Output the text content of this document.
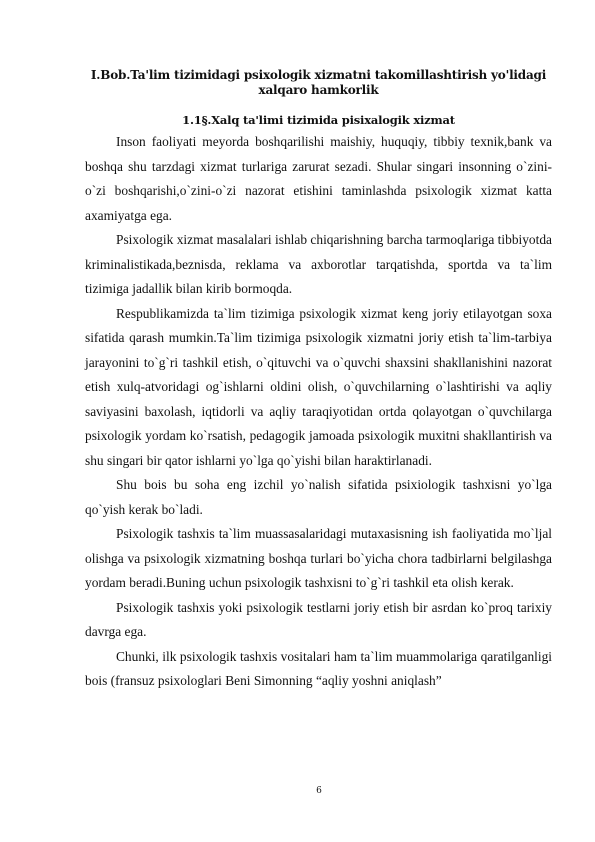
I.Bob.Ta'lim tizimidagi psixologik xizmatni takomillashtirish yo'lidagi xalqaro hamkorlik
1.1§.Xalq ta'limi tizimida pisixalogik xizmat

Inson faoliyati meyorda boshqarilishi maishiy, huquqiy, tibbiy texnik,bank va boshqa shu tarzdagi xizmat turlariga zarurat sezadi. Shular singari insonning o`zini-o`zi boshqarishi,o`zini-o`zi nazorat etishini taminlashda psixologik xizmat katta axamiyatga ega.

Psixologik xizmat masalalari ishlab chiqarishning barcha tarmoqlariga tibbiyotda kriminalistikada,beznisda, reklama va axborotlar tarqatishda, sportda va ta`lim tizimiga jadallik bilan kirib bormoqda.

Respublikamizda ta`lim tizimiga psixologik xizmat keng joriy etilayotgan soxa sifatida qarash mumkin.Ta`lim tizimiga psixologik xizmatni joriy etish ta`lim-tarbiya jarayonini to`g`ri tashkil etish, o`qituvchi va o`quvchi shaxsini shakllanishini nazorat etish xulq-atvoridagi og`ishlarni oldini olish, o`quvchilarning o`lashtirishi va aqliy saviyasini baxolash, iqtidorli va aqliy taraqiyotidan ortda qolayotgan o`quvchilarga psixologik yordam ko`rsatish, pedagogik jamoada psixologik muxitni shakllantirish va shu singari bir qator ishlarni yo`lga qo`yishi bilan haraktirlanadi.

Shu bois bu soha eng izchil yo`nalish sifatida psixiologik tashxisni yo`lga qo`yish kerak bo`ladi.

Psixologik tashxis ta`lim muassasalaridagi mutaxasisning ish faoliyatida mo`ljal olishga va psixologik xizmatning boshqa turlari bo`yicha chora tadbirlarni belgilashga yordam beradi.Buning uchun psixologik tashxisni to`g`ri tashkil eta olish kerak.

Psixologik tashxis yoki psixologik testlarni joriy etish bir asrdan ko`proq tarixiy davrga ega.

Chunki, ilk psixologik tashxis vositalari ham ta`lim muammolariga qaratilganligi bois (fransuz psixologlari Beni Simonning “aqliy yoshni aniqlash”

6
